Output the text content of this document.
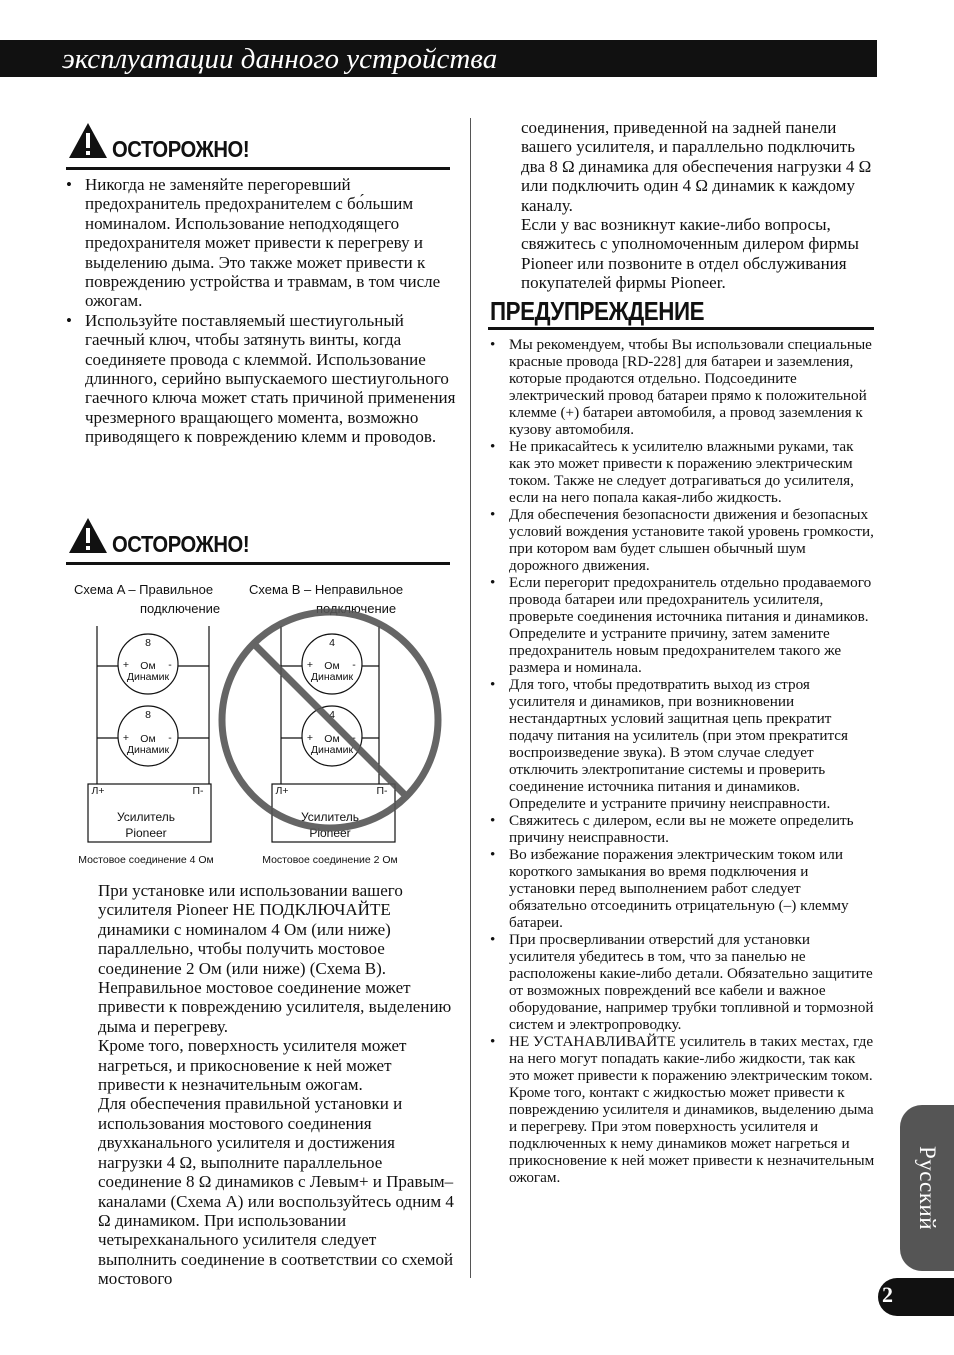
эксплуатации данного устройства
ОСТОРОЖНО!
• Никогда не заменяйте перегоревший предохранитель предохранителем с бо́льшим номиналом. Использование неподходящего предохранителя может привести к перегреву и выделению дыма. Это также может привести к повреждению устройства и травмам, в том числе ожогам.
• Используйте поставляемый шестиугольный гаечный ключ, чтобы затянуть винты, когда соединяете провода с клеммой. Использование длинного, серийно выпускаемого шестиугольного гаечного ключа может стать причиной применения чрезмерного вращающего момента, возможно приводящего к повреждению клемм и проводов.
ОСТОРОЖНО!
Схема A – Правильное
подключение
Схема B – Неправильное
подключение
8
Ом
Динамик
+	-
8
Ом
Динамик
+	-
Л+	П-
Усилитель
Pioneer
Мостовое соединение 4 Ом
4
Ом
Динамик
+	-
4
Ом
Динамик
+	-
Л+	П-
Усилитель
Pioneer
Мостовое соединение 2 Ом

При установке или использовании вашего усилителя Pioneer НЕ ПОДКЛЮЧАЙТЕ динамики с номиналом 4 Ом (или ниже) параллельно, чтобы получить мостовое соединение 2 Ом (или ниже) (Схема B). Неправильное мостовое соединение может привести к повреждению усилителя, выделению дыма и перегреву.

Кроме того, поверхность усилителя может нагреться, и прикосновение к ней может привести к незначительным ожогам.

Для обеспечения правильной установки и использования мостового соединения двухканального усилителя и достижения нагрузки 4 Ω, выполните параллельное соединение 8 Ω динамиков с Левым+ и Правым– каналами (Схема A) или воспользуйтесь одним 4 Ω динамиком. При использовании четырехканального усилителя следует выполнить соединение в соответствии со схемой мостового

соединения, приведенной на задней панели вашего усилителя, и параллельно подключить два 8 Ω динамика для обеспечения нагрузки 4 Ω или подключить один 4 Ω динамик к каждому каналу.

Если у вас возникнут какие-либо вопросы, свяжитесь с уполномоченным дилером фирмы Pioneer или позвоните в отдел обслуживания покупателей фирмы Pioneer.

ПРЕДУПРЕЖДЕНИЕ
• Мы рекомендуем, чтобы Вы использовали специальные красные провода [RD-228] для батареи и заземления, которые продаются отдельно. Подсоедините электрический провод батареи прямо к положительной клемме (+) батареи автомобиля, а провод заземления к кузову автомобиля.
• Не прикасайтесь к усилителю влажными руками, так как это может привести к поражению электрическим током. Также не следует дотрагиваться до усилителя, если на него попала какая-либо жидкость.
• Для обеспечения безопасности движения и безопасных условий вождения установите такой уровень громкости, при котором вам будет слышен обычный шум дорожного движения.
• Если перегорит предохранитель отдельно продаваемого провода батареи или предохранитель усилителя, проверьте соединения источника питания и динамиков. Определите и устраните причину, затем замените предохранитель новым предохранителем такого же размера и номинала.
• Для того, чтобы предотвратить выход из строя усилителя и динамиков, при возникновении нестандартных условий защитная цепь прекратит подачу питания на усилитель (при этом прекратится воспроизведение звука). В этом случае следует отключить электропитание системы и проверить соединение источника питания и динамиков. Определите и устраните причину неисправности.
• Свяжитесь с дилером, если вы не можете определить причину неисправности.
• Во избежание поражения электрическим током или короткого замыкания во время подключения и установки перед выполнением работ следует обязательно отсоединить отрицательную (–) клемму батареи.
• При просверливании отверстий для установки усилителя убедитесь в том, что за панелью не расположены какие-либо детали. Обязательно защитите от возможных повреждений все кабели и важное оборудование, например трубки топливной и тормозной систем и электропроводку.
• НЕ УСТАНАВЛИВАЙТЕ усилитель в таких местах, где на него могут попадать какие-либо жидкости, так как это может привести к поражению электрическим током. Кроме того, контакт с жидкостью может привести к повреждению усилителя и динамиков, выделению дыма и перегреву. При этом поверхность усилителя и подключенных к нему динамиков может нагреться и прикосновение к ней может привести к незначительным ожогам.	Русский
2
